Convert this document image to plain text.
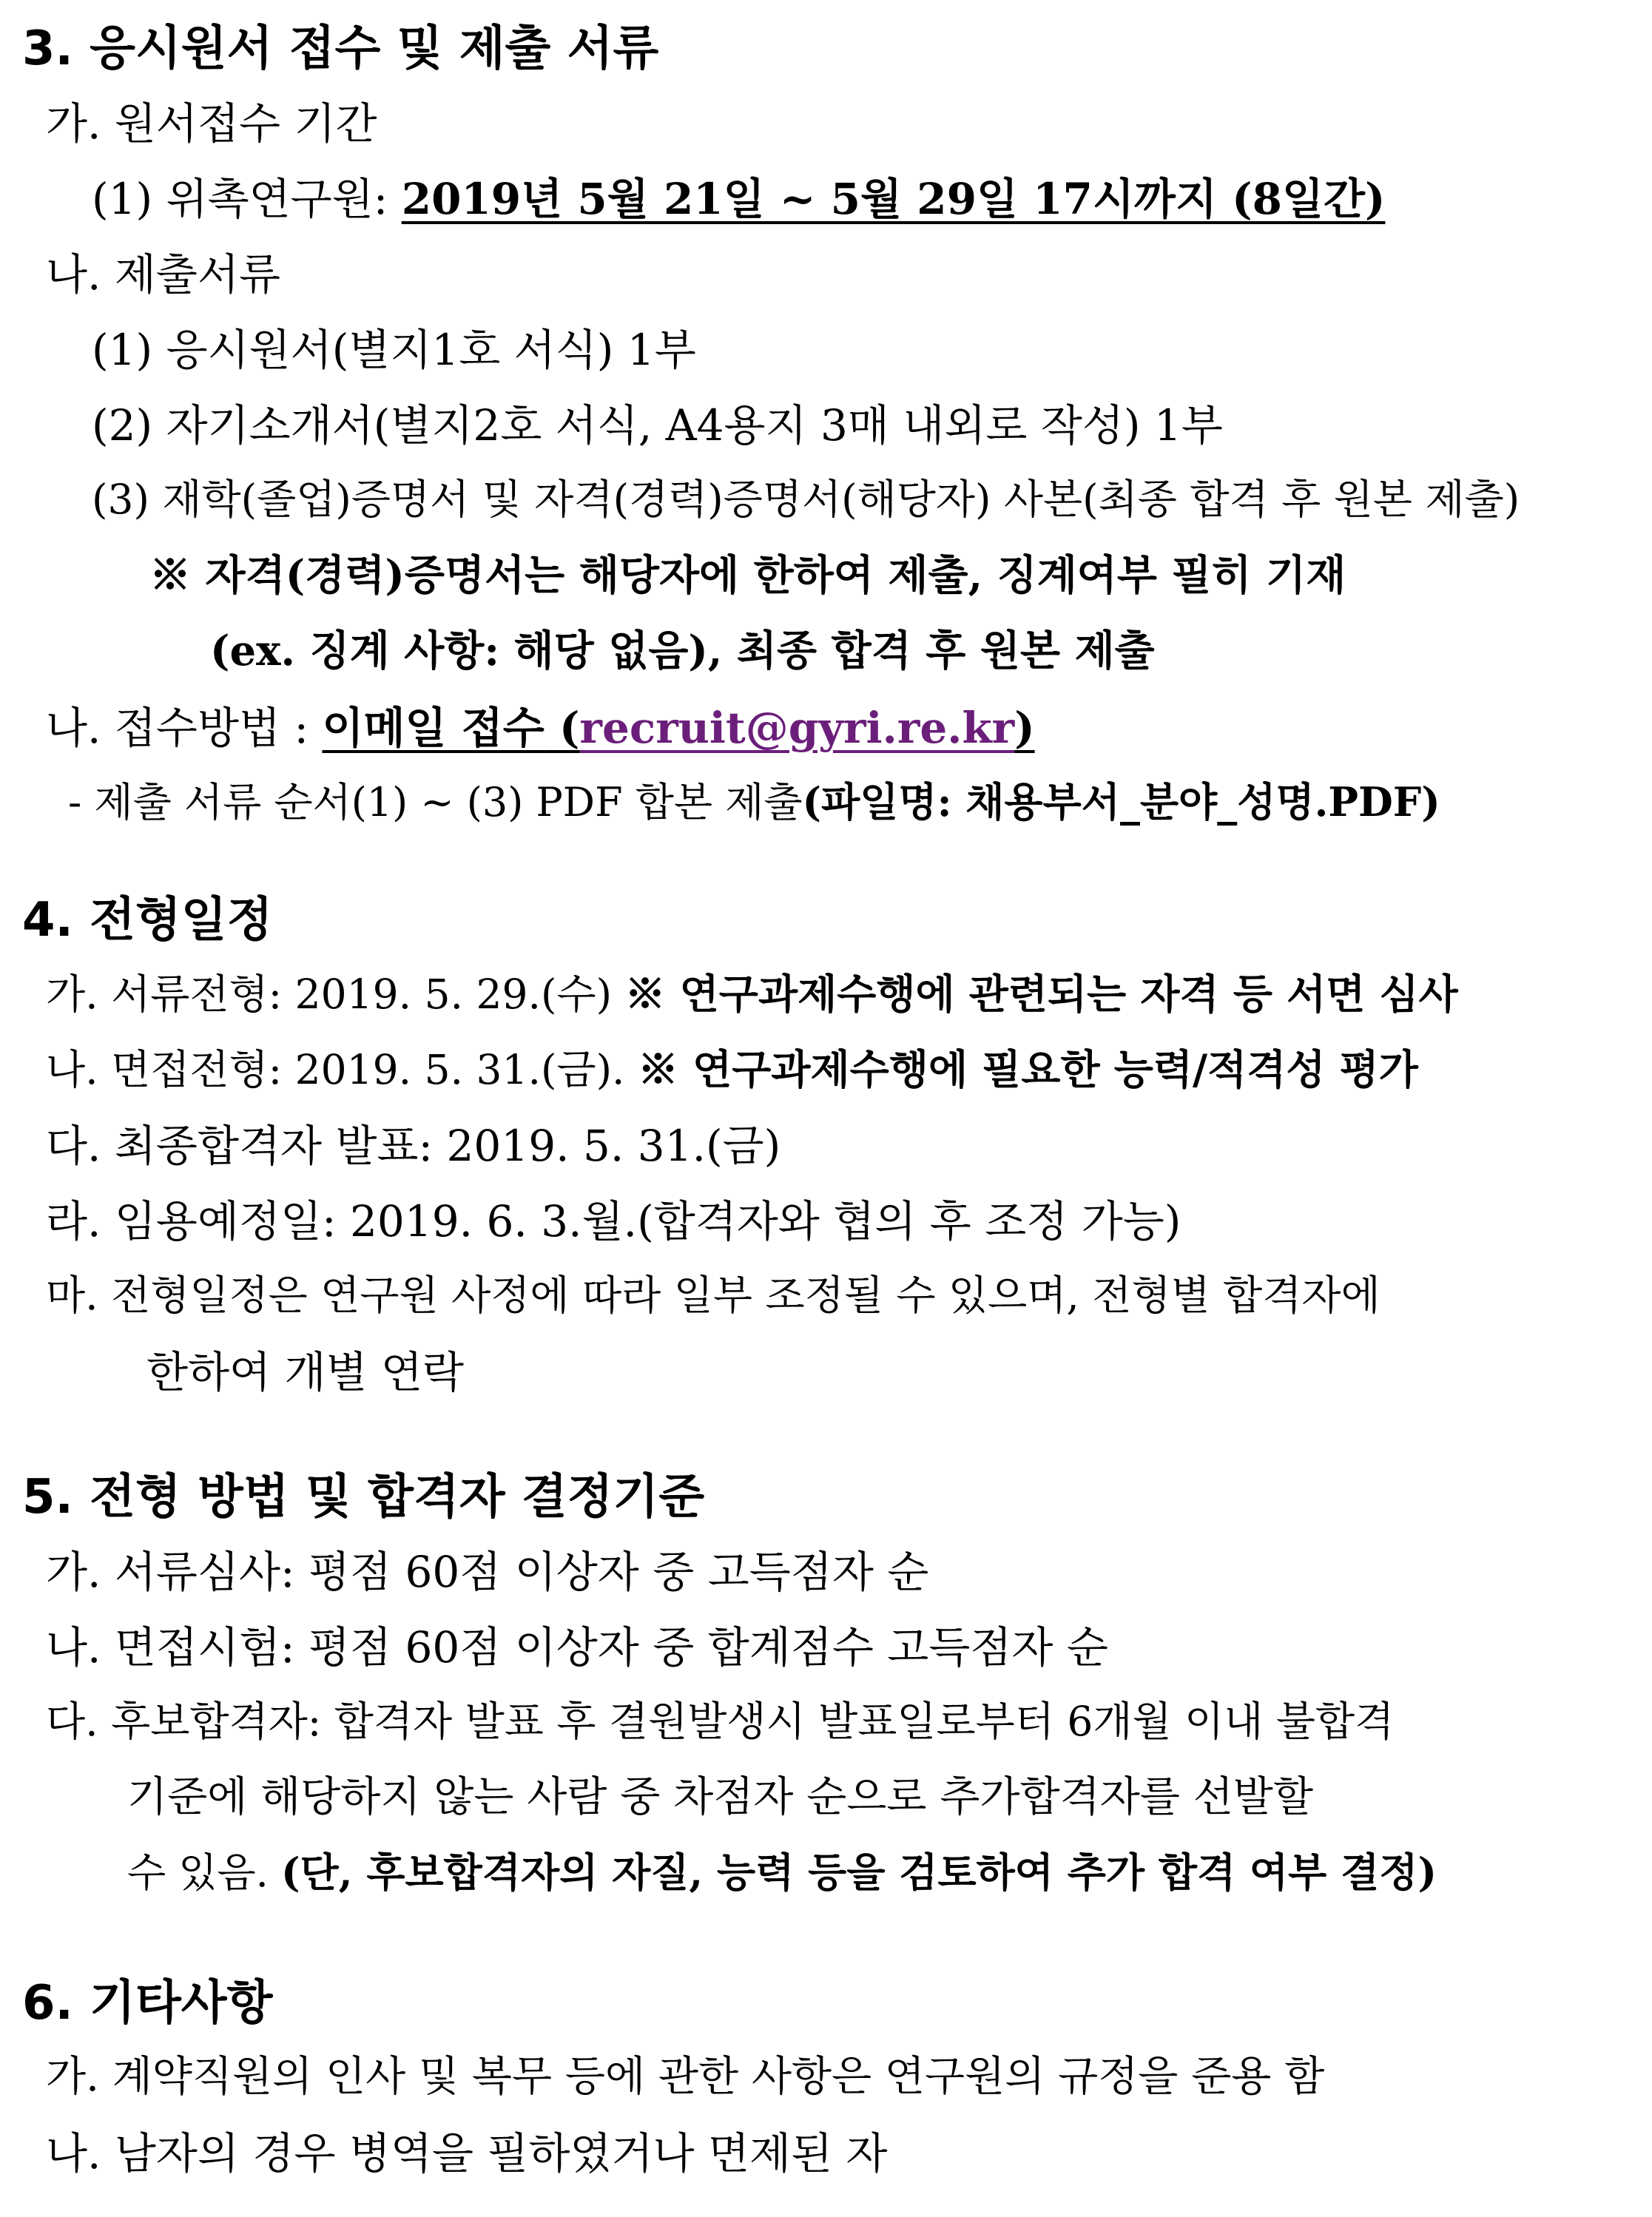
3. 응시원서 접수 및 제출 서류
가. 원서접수 기간
(1) 위촉연구원: 2019년 5월 21일 ~ 5월 29일 17시까지 (8일간)
나. 제출서류
(1) 응시원서(별지1호 서식) 1부
(2) 자기소개서(별지2호 서식, A4용지 3매 내외로 작성) 1부
(3) 재학(졸업)증명서 및 자격(경력)증명서(해당자) 사본(최종 합격 후 원본 제출)
※ 자격(경력)증명서는 해당자에 한하여 제출, 징계여부 필히 기재
(ex. 징계 사항: 해당 없음), 최종 합격 후 원본 제출
나. 접수방법 : 이메일 접수 (recruit@gyri.re.kr)
- 제출 서류 순서(1) ~ (3) PDF 합본 제출(파일명: 채용부서_분야_성명.PDF)
4. 전형일정
가. 서류전형: 2019. 5. 29.(수) ※ 연구과제수행에 관련되는 자격 등 서면 심사
나. 면접전형: 2019. 5. 31.(금). ※ 연구과제수행에 필요한 능력/적격성 평가
다. 최종합격자 발표: 2019. 5. 31.(금)
라. 임용예정일: 2019. 6. 3.월.(합격자와 협의 후 조정 가능)
마. 전형일정은 연구원 사정에 따라 일부 조정될 수 있으며, 전형별 합격자에
한하여 개별 연락
5. 전형 방법 및 합격자 결정기준
가. 서류심사: 평점 60점 이상자 중 고득점자 순
나. 면접시험: 평점 60점 이상자 중 합계점수 고득점자 순
다. 후보합격자: 합격자 발표 후 결원발생시 발표일로부터 6개월 이내 불합격
기준에 해당하지 않는 사람 중 차점자 순으로 추가합격자를 선발할
수 있음. (단, 후보합격자의 자질, 능력 등을 검토하여 추가 합격 여부 결정)
6. 기타사항
가. 계약직원의 인사 및 복무 등에 관한 사항은 연구원의 규정을 준용 함
나. 남자의 경우 병역을 필하였거나 면제된 자
